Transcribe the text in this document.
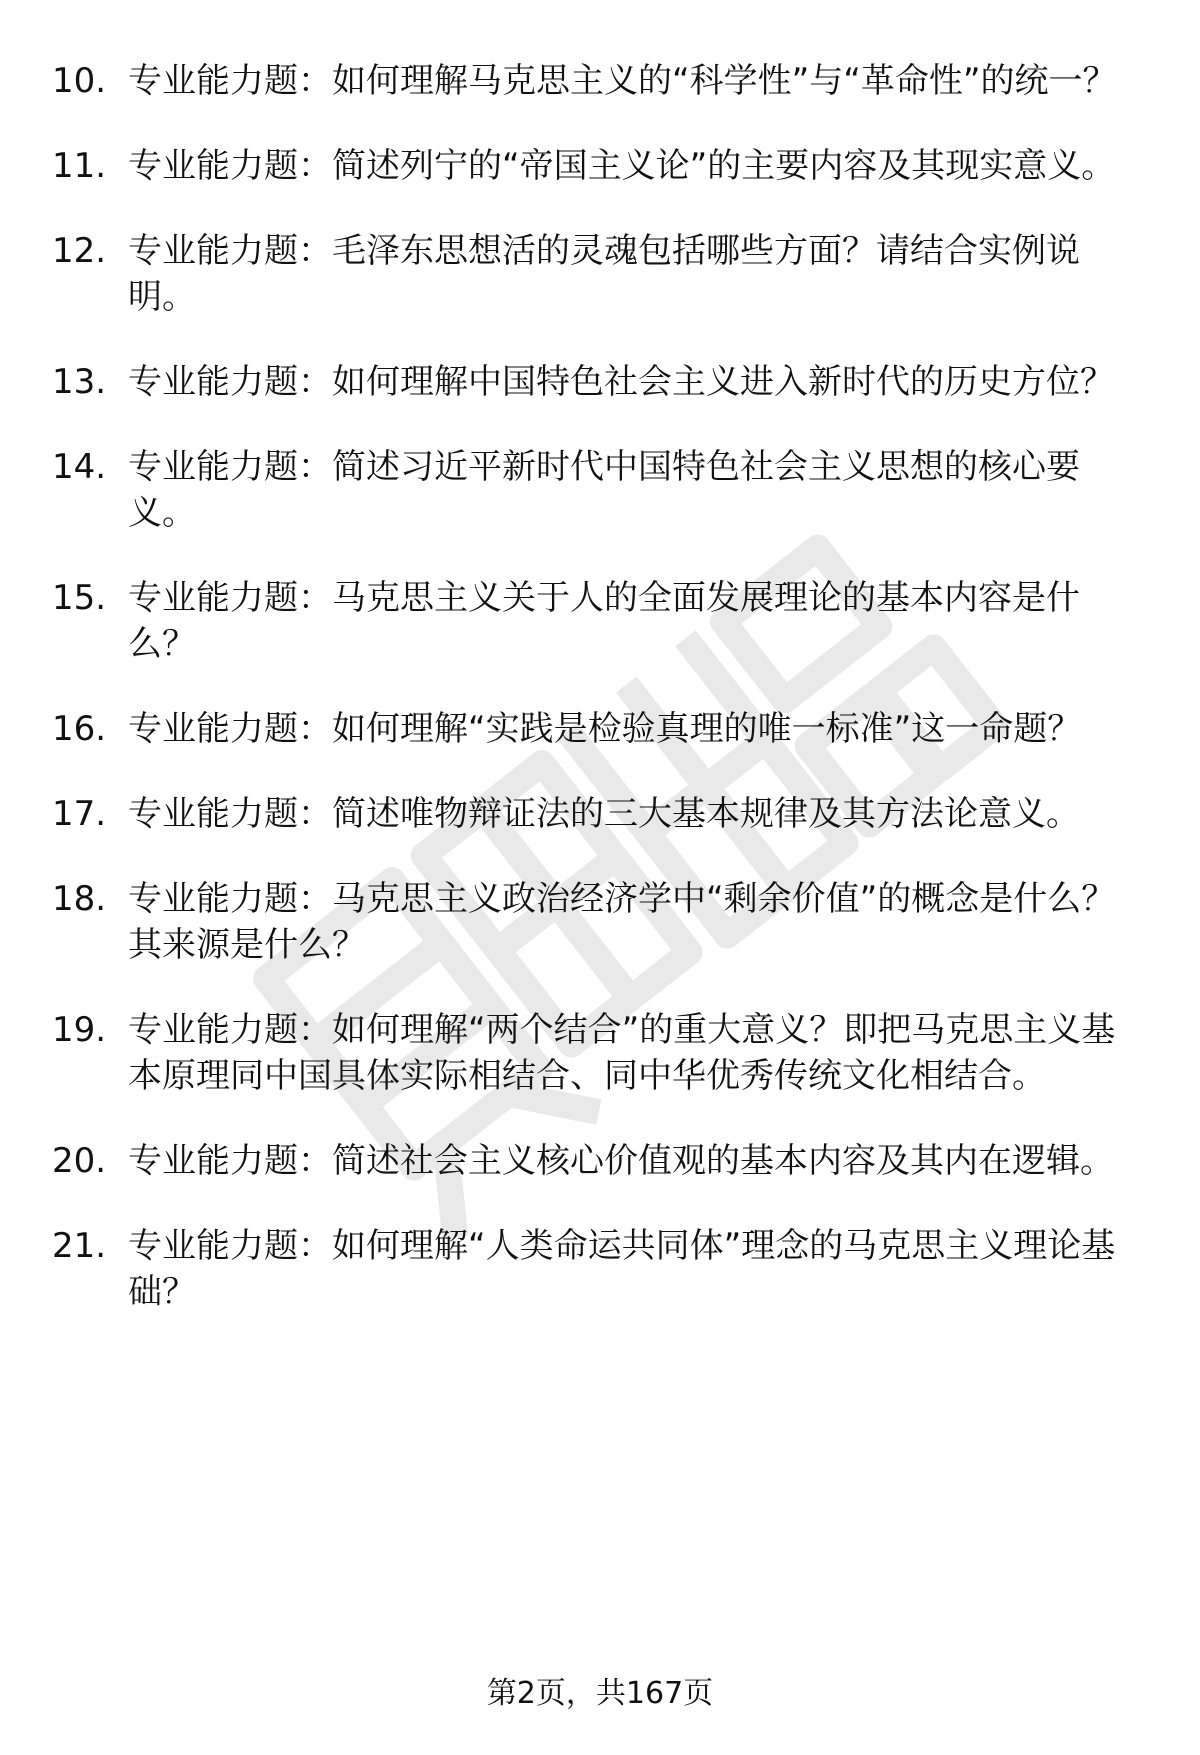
10. 专业能力题：如何理解马克思主义的“科学性”与“革命性”的统一？
11. 专业能力题：简述列宁的“帝国主义论”的主要内容及其现实意义。
12. 专业能力题：毛泽东思想活的灵魂包括哪些方面？请结合实例说明。
13. 专业能力题：如何理解中国特色社会主义进入新时代的历史方位？
14. 专业能力题：简述习近平新时代中国特色社会主义思想的核心要义。
15. 专业能力题：马克思主义关于人的全面发展理论的基本内容是什么？
16. 专业能力题：如何理解“实践是检验真理的唯一标准”这一命题？
17. 专业能力题：简述唯物辩证法的三大基本规律及其方法论意义。
18. 专业能力题：马克思主义政治经济学中“剩余价值”的概念是什么？其来源是什么？
19. 专业能力题：如何理解“两个结合”的重大意义？即把马克思主义基本原理同中国具体实际相结合、同中华优秀传统文化相结合。
20. 专业能力题：简述社会主义核心价值观的基本内容及其内在逻辑。
21. 专业能力题：如何理解“人类命运共同体”理念的马克思主义理论基础？
第2页，共167页
